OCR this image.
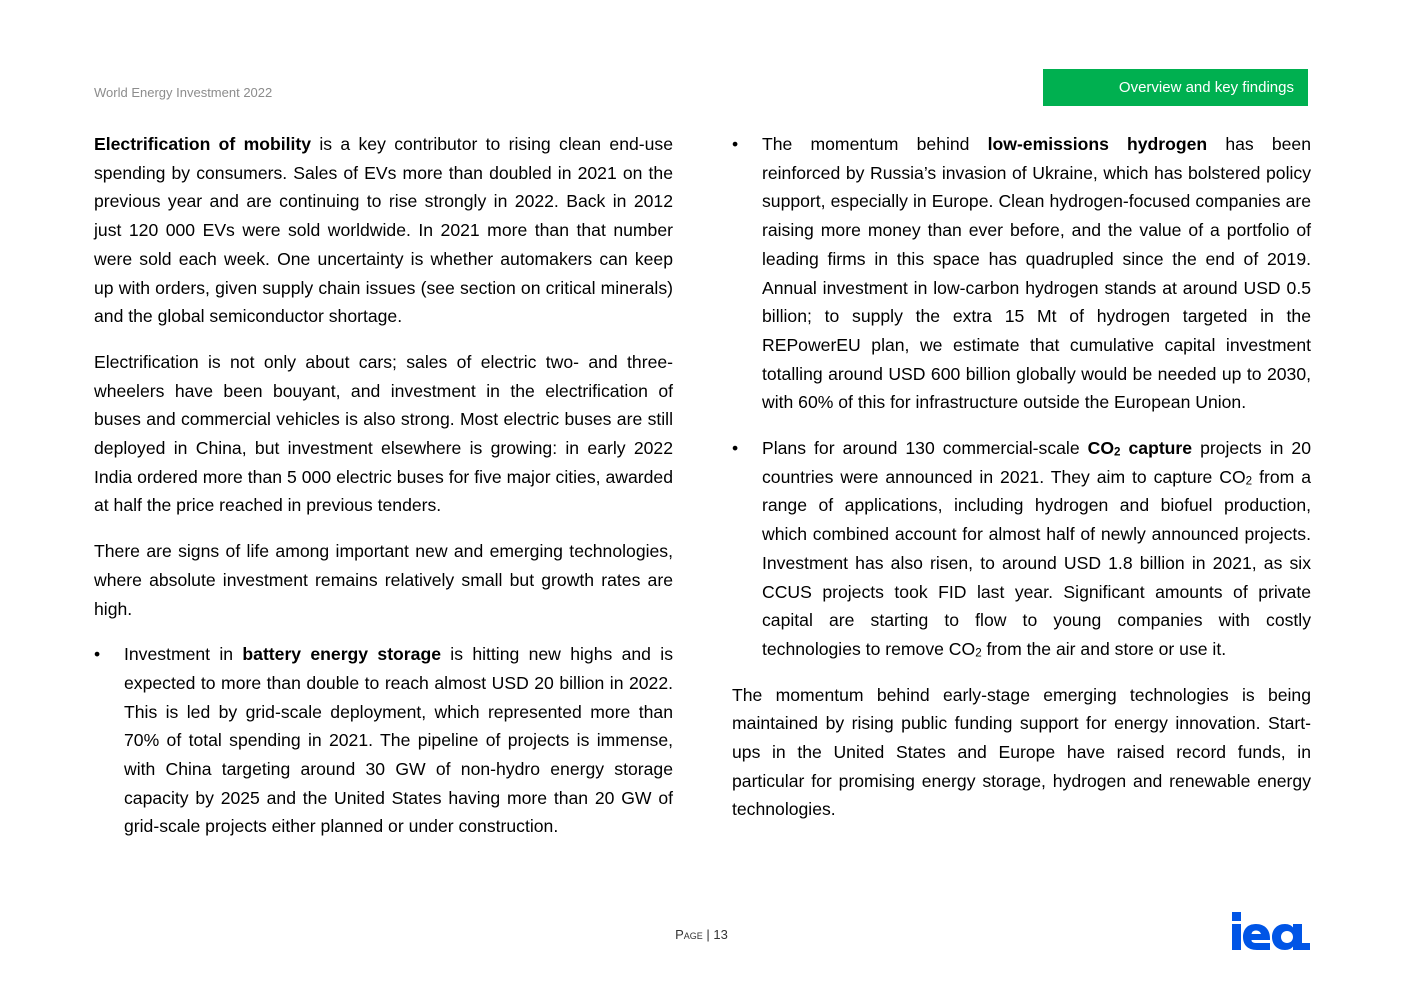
World Energy Investment 2022	Overview and key findings

Electrification of mobility is a key contributor to rising clean end-use spending by consumers. Sales of EVs more than doubled in 2021 on the previous year and are continuing to rise strongly in 2022. Back in 2012 just 120 000 EVs were sold worldwide. In 2021 more than that number were sold each week. One uncertainty is whether automakers can keep up with orders, given supply chain issues (see section on critical minerals) and the global semiconductor shortage.

Electrification is not only about cars; sales of electric two- and three-wheelers have been bouyant, and investment in the electrification of buses and commercial vehicles is also strong. Most electric buses are still deployed in China, but investment elsewhere is growing: in early 2022 India ordered more than 5 000 electric buses for five major cities, awarded at half the price reached in previous tenders.

There are signs of life among important new and emerging technologies, where absolute investment remains relatively small but growth rates are high.

•	Investment in battery energy storage is hitting new highs and is expected to more than double to reach almost USD 20 billion in 2022. This is led by grid-scale deployment, which represented more than 70% of total spending in 2021. The pipeline of projects is immense, with China targeting around 30 GW of non-hydro energy storage capacity by 2025 and the United States having more than 20 GW of grid-scale projects either planned or under construction.
•	The momentum behind low-emissions hydrogen has been reinforced by Russia’s invasion of Ukraine, which has bolstered policy support, especially in Europe. Clean hydrogen-focused companies are raising more money than ever before, and the value of a portfolio of leading firms in this space has quadrupled since the end of 2019. Annual investment in low-carbon hydrogen stands at around USD 0.5 billion; to supply the extra 15 Mt of hydrogen targeted in the REPowerEU plan, we estimate that cumulative capital investment totalling around USD 600 billion globally would be needed up to 2030, with 60% of this for infrastructure outside the European Union.
•	Plans for around 130 commercial-scale $CO_2$ capture projects in 20 countries were announced in 2021. They aim to capture $CO_2$ from a range of applications, including hydrogen and biofuel production, which combined account for almost half of newly announced projects. Investment has also risen, to around USD 1.8 billion in 2021, as six CCUS projects took FID last year. Significant amounts of private capital are starting to flow to young companies with costly technologies to remove $CO_2$ from the air and store or use it.

The momentum behind early-stage emerging technologies is being maintained by rising public funding support for energy innovation. Start-ups in the United States and Europe have raised record funds, in particular for promising energy storage, hydrogen and renewable energy technologies.

Page | 13
